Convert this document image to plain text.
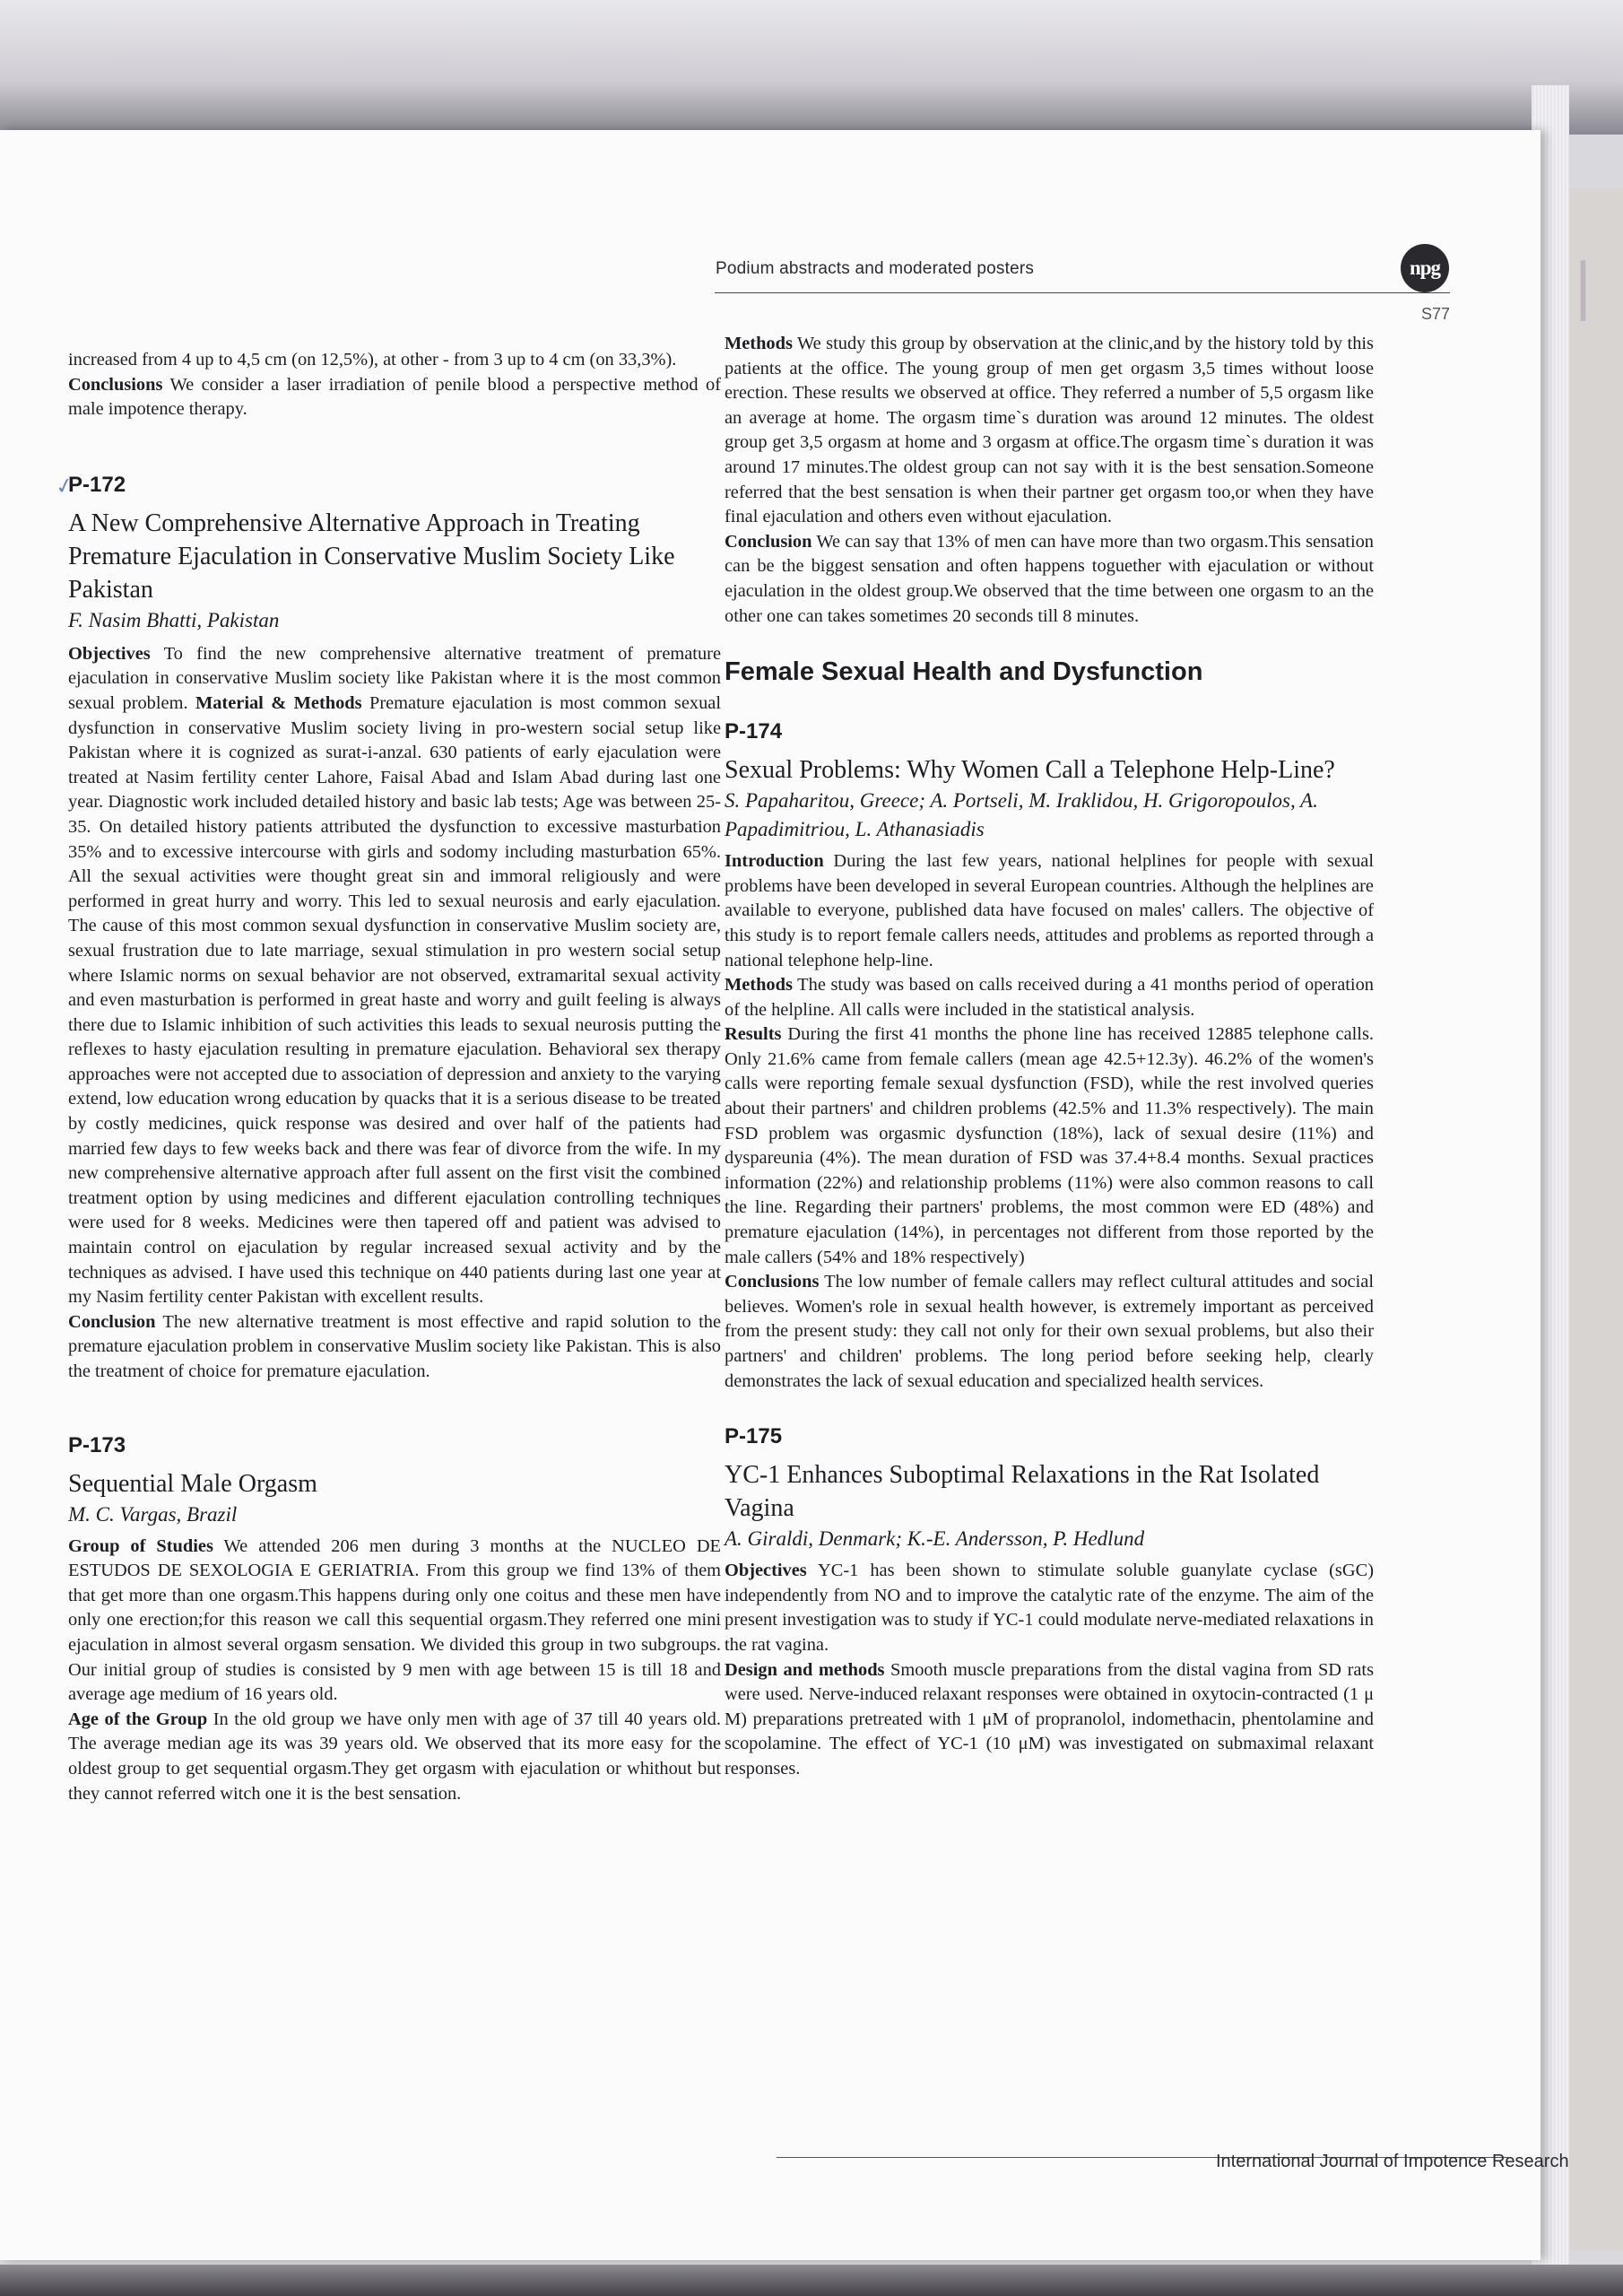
|
Podium abstracts and moderated posters	npg
S77
✓

increased from 4 up to 4,5 cm (on 12,5%), at other - from 3 up to 4 cm (on 33,3%).
Conclusions We consider a laser irradiation of penile blood a perspective method of male impotence therapy.

P-172

A New Comprehensive Alternative Approach in Treating Premature Ejaculation in Conservative Muslim Society Like Pakistan

F. Nasim Bhatti, Pakistan

Objectives To find the new comprehensive alternative treatment of premature ejaculation in conservative Muslim society like Pakistan where it is the most common sexual problem. Material & Methods Premature ejaculation is most common sexual dysfunction in conservative Muslim society living in pro-western social setup like Pakistan where it is cognized as surat-i-anzal. 630 patients of early ejaculation were treated at Nasim fertility center Lahore, Faisal Abad and Islam Abad during last one year. Diagnostic work included detailed history and basic lab tests; Age was between 25- 35. On detailed history patients attributed the dysfunction to excessive masturbation 35% and to excessive intercourse with girls and sodomy including masturbation 65%. All the sexual activities were thought great sin and immoral religiously and were performed in great hurry and worry. This led to sexual neurosis and early ejaculation. The cause of this most common sexual dysfunction in conservative Muslim society are, sexual frustration due to late marriage, sexual stimulation in pro western social setup where Islamic norms on sexual behavior are not observed, extramarital sexual activity and even masturbation is performed in great haste and worry and guilt feeling is always there due to Islamic inhibition of such activities this leads to sexual neurosis putting the reflexes to hasty ejaculation resulting in premature ejaculation. Behavioral sex therapy approaches were not accepted due to association of depression and anxiety to the varying extend, low education wrong education by quacks that it is a serious disease to be treated by costly medicines, quick response was desired and over half of the patients had married few days to few weeks back and there was fear of divorce from the wife. In my new comprehensive alternative approach after full assent on the first visit the combined treatment option by using medicines and different ejaculation controlling techniques were used for 8 weeks. Medicines were then tapered off and patient was advised to maintain control on ejaculation by regular increased sexual activity and by the techniques as advised. I have used this technique on 440 patients during last one year at my Nasim fertility center Pakistan with excellent results.
Conclusion The new alternative treatment is most effective and rapid solution to the premature ejaculation problem in conservative Muslim society like Pakistan. This is also the treatment of choice for premature ejaculation.

P-173

Sequential Male Orgasm

M. C. Vargas, Brazil

Group of Studies We attended 206 men during 3 months at the NUCLEO DE ESTUDOS DE SEXOLOGIA E GERIATRIA. From this group we find 13% of them that get more than one orgasm.This happens during only one coitus and these men have only one erection;for this reason we call this sequential orgasm.They referred one mini ejaculation in almost several orgasm sensation. We divided this group in two subgroups. Our initial group of studies is consisted by 9 men with age between 15 is till 18 and average age medium of 16 years old.
Age of the Group In the old group we have only men with age of 37 till 40 years old. The average median age its was 39 years old. We observed that its more easy for the oldest group to get sequential orgasm.They get orgasm with ejaculation or whithout but they cannot referred witch one it is the best sensation.

Methods We study this group by observation at the clinic,and by the history told by this patients at the office. The young group of men get orgasm 3,5 times without loose erection. These results we observed at office. They referred a number of 5,5 orgasm like an average at home. The orgasm time`s duration was around 12 minutes. The oldest group get 3,5 orgasm at home and 3 orgasm at office.The orgasm time`s duration it was around 17 minutes.The oldest group can not say with it is the best sensation.Someone referred that the best sensation is when their partner get orgasm too,or when they have final ejaculation and others even without ejaculation.
Conclusion We can say that 13% of men can have more than two orgasm.This sensation can be the biggest sensation and often happens toguether with ejaculation or without ejaculation in the oldest group.We observed that the time between one orgasm to an the other one can takes sometimes 20 seconds till 8 minutes.

Female Sexual Health and Dysfunction

P-174

Sexual Problems: Why Women Call a Telephone Help-Line?

S. Papaharitou, Greece; A. Portseli, M. Iraklidou, H. Grigoropoulos, A. Papadimitriou, L. Athanasiadis

Introduction During the last few years, national helplines for people with sexual problems have been developed in several European countries. Although the helplines are available to everyone, published data have focused on males' callers. The objective of this study is to report female callers needs, attitudes and problems as reported through a national telephone help-line.
Methods The study was based on calls received during a 41 months period of operation of the helpline. All calls were included in the statistical analysis.
Results During the first 41 months the phone line has received 12885 telephone calls. Only 21.6% came from female callers (mean age 42.5+12.3y). 46.2% of the women's calls were reporting female sexual dysfunction (FSD), while the rest involved queries about their partners' and children problems (42.5% and 11.3% respectively). The main FSD problem was orgasmic dysfunction (18%), lack of sexual desire (11%) and dyspareunia (4%). The mean duration of FSD was 37.4+8.4 months. Sexual practices information (22%) and relationship problems (11%) were also common reasons to call the line. Regarding their partners' problems, the most common were ED (48%) and premature ejaculation (14%), in percentages not different from those reported by the male callers (54% and 18% respectively)
Conclusions The low number of female callers may reflect cultural attitudes and social believes. Women's role in sexual health however, is extremely important as perceived from the present study: they call not only for their own sexual problems, but also their partners' and children' problems. The long period before seeking help, clearly demonstrates the lack of sexual education and specialized health services.

P-175

YC-1 Enhances Suboptimal Relaxations in the Rat Isolated Vagina

A. Giraldi, Denmark; K.-E. Andersson, P. Hedlund

Objectives YC-1 has been shown to stimulate soluble guanylate cyclase (sGC) independently from NO and to improve the catalytic rate of the enzyme. The aim of the present investigation was to study if YC-1 could modulate nerve-mediated relaxations in the rat vagina.
Design and methods Smooth muscle preparations from the distal vagina from SD rats were used. Nerve-induced relaxant responses were obtained in oxytocin-contracted (1 μ M) preparations pretreated with 1 μM of propranolol, indomethacin, phentolamine and scopolamine. The effect of YC-1 (10 μM) was investigated on submaximal relaxant responses.

International Journal of Impotence Research
